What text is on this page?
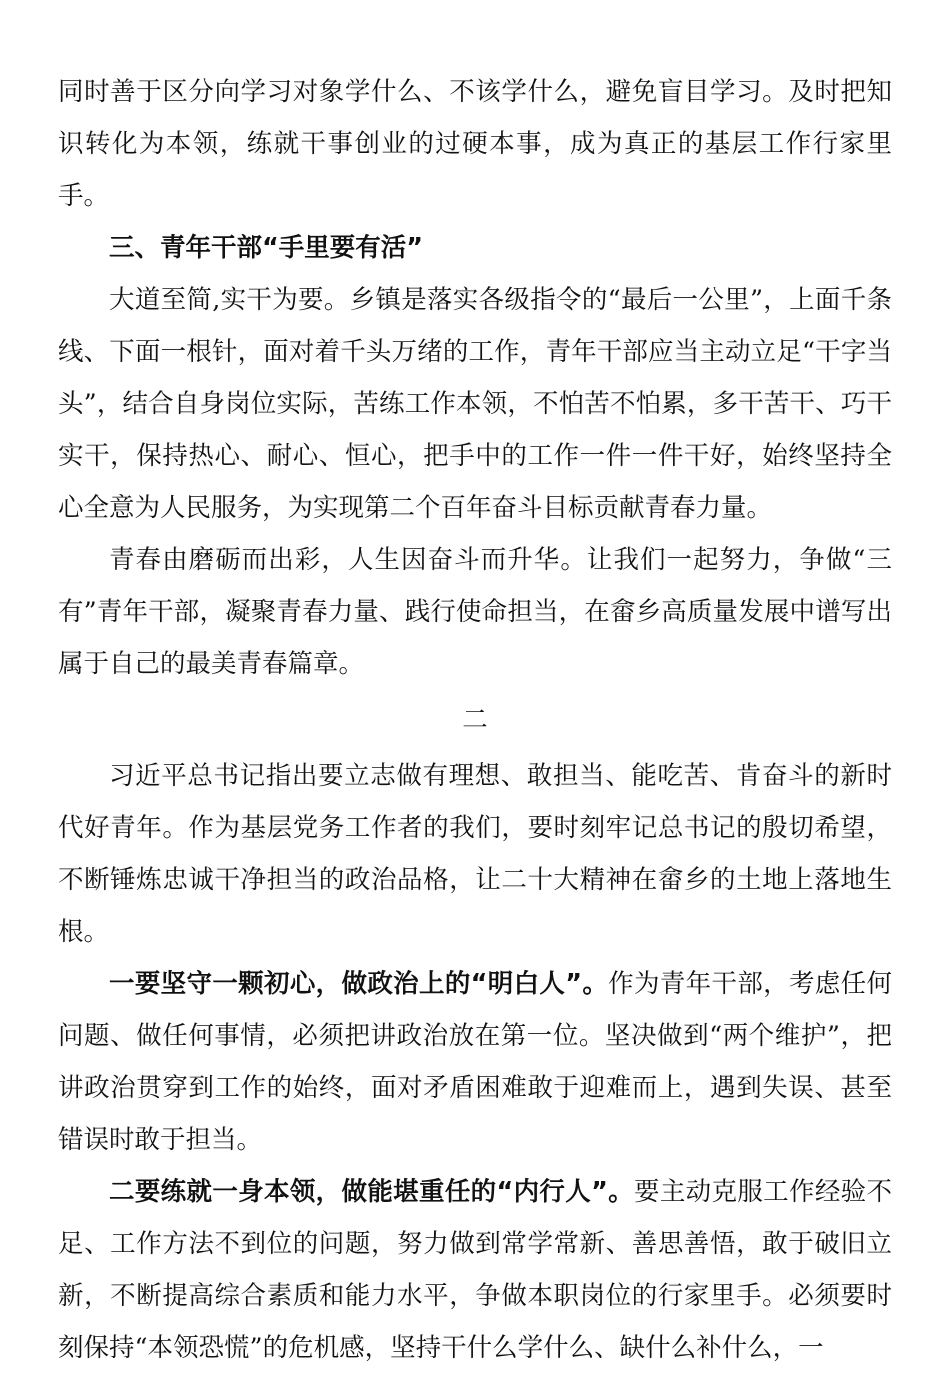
同时善于区分向学习对象学什么、不该学什么，避免盲目学习。及时把知识转化为本领，练就干事创业的过硬本事，成为真正的基层工作行家里手。

三、青年干部“手里要有活”

大道至简,实干为要。乡镇是落实各级指令的“最后一公里”，上面千条线、下面一根针，面对着千头万绪的工作，青年干部应当主动立足“干字当头”，结合自身岗位实际，苦练工作本领，不怕苦不怕累，多干苦干、巧干实干，保持热心、耐心、恒心，把手中的工作一件一件干好，始终坚持全心全意为人民服务，为实现第二个百年奋斗目标贡献青春力量。

青春由磨砺而出彩，人生因奋斗而升华。让我们一起努力，争做“三有”青年干部，凝聚青春力量、践行使命担当，在畲乡高质量发展中谱写出属于自己的最美青春篇章。

二

习近平总书记指出要立志做有理想、敢担当、能吃苦、肯奋斗的新时代好青年。作为基层党务工作者的我们，要时刻牢记总书记的殷切希望，不断锤炼忠诚干净担当的政治品格，让二十大精神在畲乡的土地上落地生根。

一要坚守一颗初心，做政治上的“明白人”。作为青年干部，考虑任何问题、做任何事情，必须把讲政治放在第一位。坚决做到“两个维护”，把讲政治贯穿到工作的始终，面对矛盾困难敢于迎难而上，遇到失误、甚至错误时敢于担当。

二要练就一身本领，做能堪重任的“内行人”。要主动克服工作经验不足、工作方法不到位的问题，努力做到常学常新、善思善悟，敢于破旧立新，不断提高综合素质和能力水平，争做本职岗位的行家里手。必须要时刻保持“本领恐慌”的危机感，坚持干什么学什么、缺什么补什么，一
